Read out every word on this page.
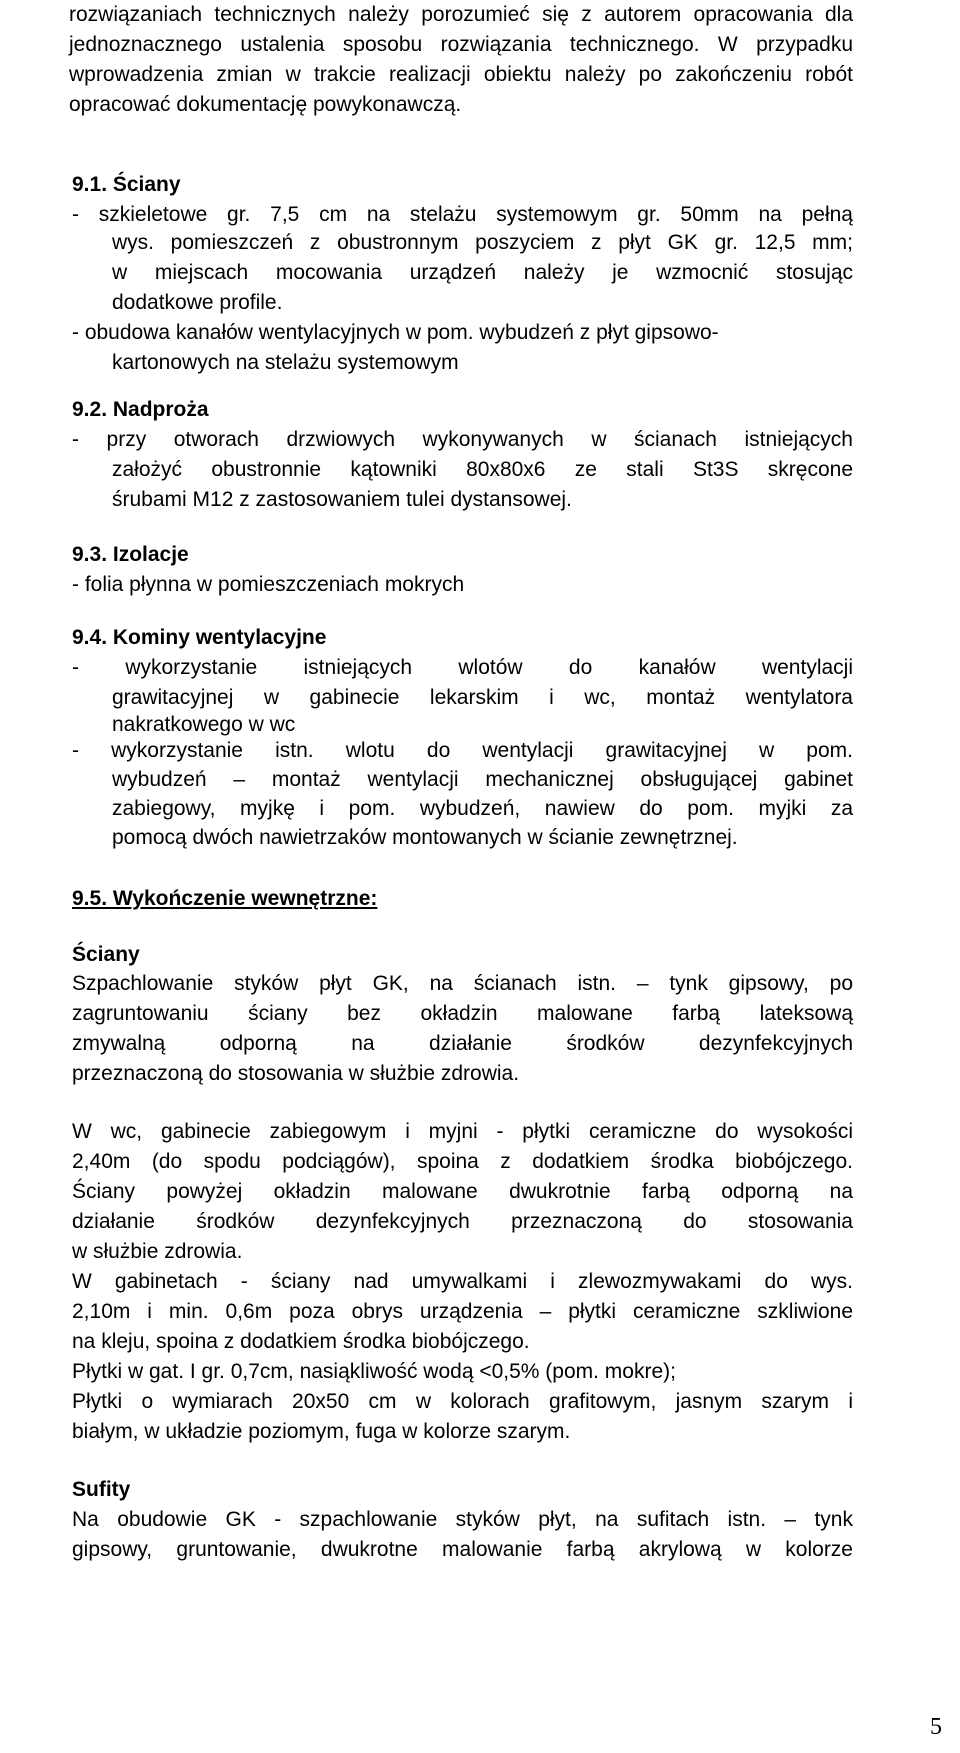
rozwiązaniach technicznych należy porozumieć się z autorem opracowania dla

jednoznacznego ustalenia sposobu rozwiązania technicznego. W przypadku

wprowadzenia zmian w trakcie realizacji obiektu należy po zakończeniu robót

opracować dokumentację powykonawczą.

9.1. Ściany

- szkieletowe gr. 7,5 cm na stelażu systemowym gr. 50mm na pełną

wys. pomieszczeń z obustronnym poszyciem z płyt GK gr. 12,5 mm;

w miejscach mocowania urządzeń należy je wzmocnić stosując

dodatkowe profile.

- obudowa kanałów wentylacyjnych w pom. wybudzeń z płyt gipsowo-

kartonowych na stelażu systemowym

9.2. Nadproża

- przy otworach drzwiowych wykonywanych w ścianach istniejących

założyć obustronnie kątowniki 80x80x6 ze stali St3S skręcone

śrubami M12 z zastosowaniem tulei dystansowej.

9.3. Izolacje

- folia płynna w pomieszczeniach mokrych

9.4. Kominy wentylacyjne

- wykorzystanie istniejących wlotów do kanałów wentylacji

grawitacyjnej w gabinecie lekarskim i wc, montaż wentylatora

nakratkowego w wc

- wykorzystanie istn. wlotu do wentylacji grawitacyjnej w pom.

wybudzeń – montaż wentylacji mechanicznej obsługującej gabinet

zabiegowy, myjkę i pom. wybudzeń, nawiew do pom. myjki za

pomocą dwóch nawietrzaków montowanych w ścianie zewnętrznej.

9.5. Wykończenie wewnętrzne:

Ściany

Szpachlowanie styków płyt GK, na ścianach istn. – tynk gipsowy, po

zagruntowaniu ściany bez okładzin malowane farbą lateksową

zmywalną odporną na działanie środków dezynfekcyjnych

przeznaczoną do stosowania w służbie zdrowia.

W wc, gabinecie zabiegowym i myjni - płytki ceramiczne do wysokości

2,40m (do spodu podciągów), spoina z dodatkiem środka biobójczego.

Ściany powyżej okładzin malowane dwukrotnie farbą odporną na

działanie środków dezynfekcyjnych przeznaczoną do stosowania

w służbie zdrowia.

W gabinetach - ściany nad umywalkami i zlewozmywakami do wys.

2,10m i min. 0,6m poza obrys urządzenia – płytki ceramiczne szkliwione

na kleju, spoina z dodatkiem środka biobójczego.

Płytki w gat. I gr. 0,7cm, nasiąkliwość wodą <0,5% (pom. mokre);

Płytki o wymiarach 20x50 cm w kolorach grafitowym, jasnym szarym i

białym, w układzie poziomym, fuga w kolorze szarym.

Sufity

Na obudowie GK - szpachlowanie styków płyt, na sufitach istn. – tynk

gipsowy, gruntowanie, dwukrotne malowanie farbą akrylową w kolorze

5
